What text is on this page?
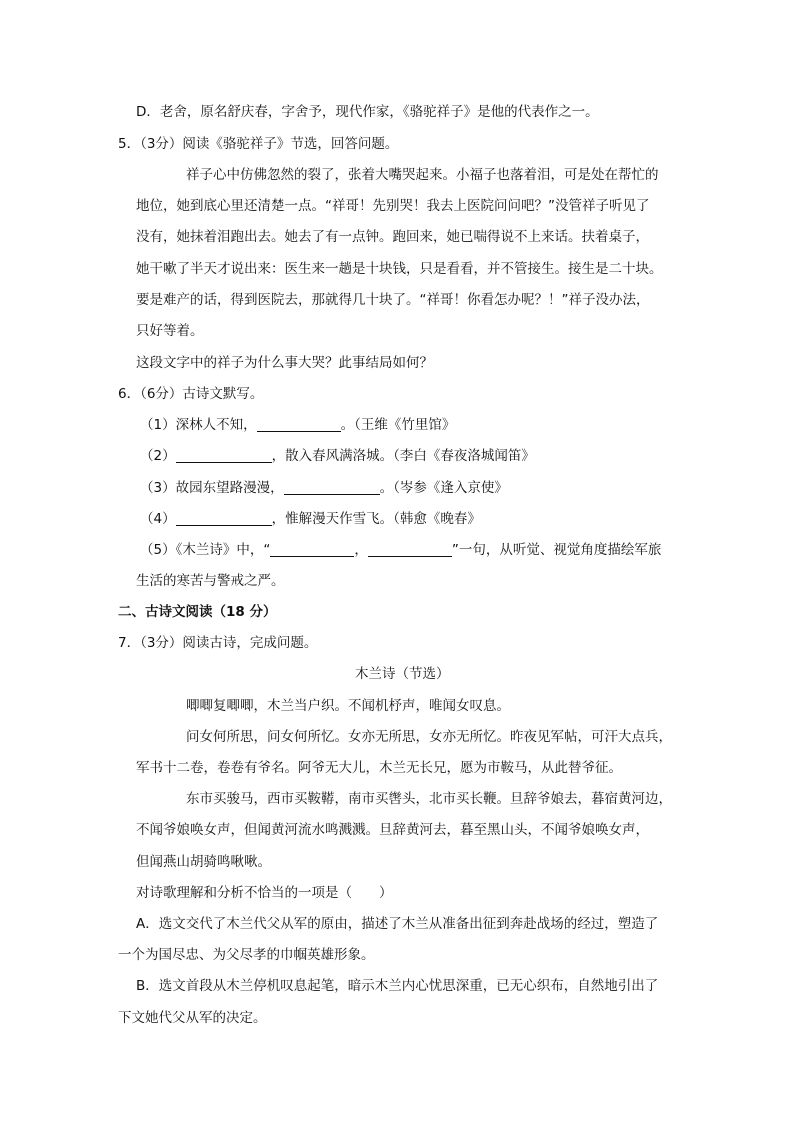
D．老舍，原名舒庆春，字舍予，现代作家，《骆驼祥子》是他的代表作之一。
5．（3分）阅读《骆驼祥子》节选，回答问题。
祥子心中仿佛忽然的裂了，张着大嘴哭起来。小福子也落着泪，可是处在帮忙的
地位，她到底心里还清楚一点。“祥哥！先别哭！我去上医院问问吧？”没管祥子听见了
没有，她抹着泪跑出去。她去了有一点钟。跑回来，她已喘得说不上来话。扶着桌子，
她干嗽了半天才说出来：医生来一趟是十块钱，只是看看，并不管接生。接生是二十块。
要是难产的话，得到医院去，那就得几十块了。“祥哥！你看怎办呢？！”祥子没办法，
只好等着。
这段文字中的祥子为什么事大哭？此事结局如何？
6．（6分）古诗文默写。
（1）深林人不知，	。（王维《竹里馆》
（2）	，散入春风满洛城。（李白《春夜洛城闻笛》
（3）故园东望路漫漫，	。（岑参《逢入京使》
（4）	，惟解漫天作雪飞。（韩愈《晚春》
（5）《木兰诗》中，“	，	”一句，从听觉、视觉角度描绘军旅
生活的寒苦与警戒之严。
二、古诗文阅读（18 分）
7．（3分）阅读古诗，完成问题。
木兰诗（节选）
唧唧复唧唧，木兰当户织。不闻机杼声，唯闻女叹息。
问女何所思，问女何所忆。女亦无所思，女亦无所忆。昨夜见军帖，可汗大点兵，
军书十二卷，卷卷有爷名。阿爷无大儿，木兰无长兄，愿为市鞍马，从此替爷征。
东市买骏马，西市买鞍鞯，南市买辔头，北市买长鞭。旦辞爷娘去，暮宿黄河边，
不闻爷娘唤女声，但闻黄河流水鸣溅溅。旦辞黄河去，暮至黑山头，不闻爷娘唤女声，
但闻燕山胡骑鸣啾啾。
对诗歌理解和分析不恰当的一项是（　　）
A．选文交代了木兰代父从军的原由，描述了木兰从准备出征到奔赴战场的经过，塑造了
一个为国尽忠、为父尽孝的巾帼英雄形象。
B．选文首段从木兰停机叹息起笔，暗示木兰内心忧思深重，已无心织布，自然地引出了
下文她代父从军的决定。
